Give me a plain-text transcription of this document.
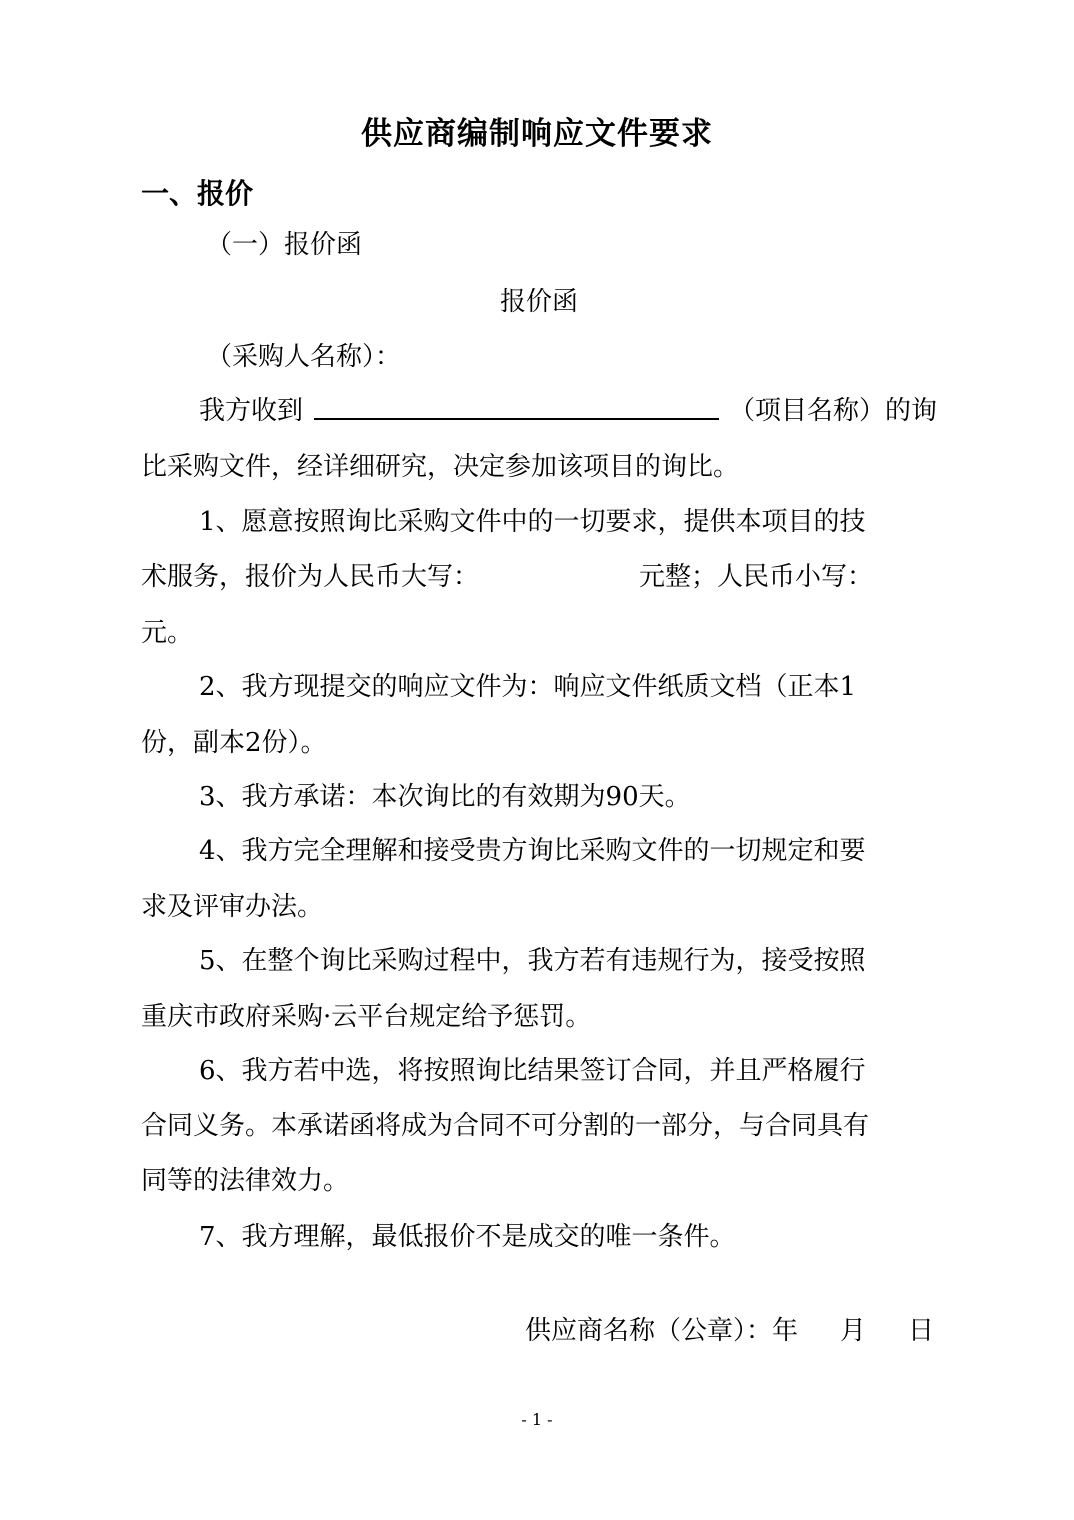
供应商编制响应文件要求
一、报价
（一）报价函
报价函
（采购人名称）：
我方收到	（项目名称）的询
比采购文件，经详细研究，决定参加该项目的询比。
1、愿意按照询比采购文件中的一切要求，提供本项目的技
术服务，报价为人民币大写：	元整；人民币小写：
元。
2、我方现提交的响应文件为：响应文件纸质文档（正本1
份，副本2份）。
3、我方承诺：本次询比的有效期为90天。
4、我方完全理解和接受贵方询比采购文件的一切规定和要
求及评审办法。
5、在整个询比采购过程中，我方若有违规行为，接受按照
重庆市政府采购·云平台规定给予惩罚。
6、我方若中选，将按照询比结果签订合同，并且严格履行
合同义务。本承诺函将成为合同不可分割的一部分，与合同具有
同等的法律效力。
7、我方理解，最低报价不是成交的唯一条件。
供应商名称（公章）：年 月 日
- 1 -
